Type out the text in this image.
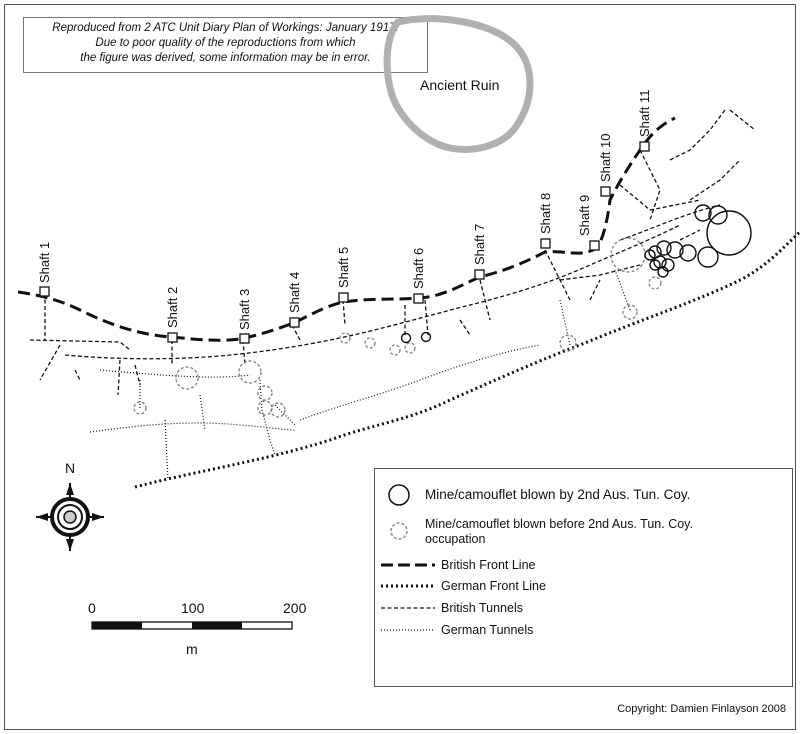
Reproduced from 2 ATC Unit Diary Plan of Workings: January 1917.
Due to poor quality of the reproductions from which
the figure was derived, some information may be in error.
Ancient Ruin
Shaft 1
Shaft 2	Shaft 3	Shaft 4
Shaft 5	Shaft 6
Shaft 7
Shaft 8 Shaft 9
Shaft 10
Shaft 11
N
0	100	200
m
Mine/camouflet blown by 2nd Aus. Tun. Coy.
Mine/camouflet blown before 2nd Aus. Tun. Coy.
occupation
British Front Line
German Front Line
British Tunnels
German Tunnels
Copyright: Damien Finlayson 2008
